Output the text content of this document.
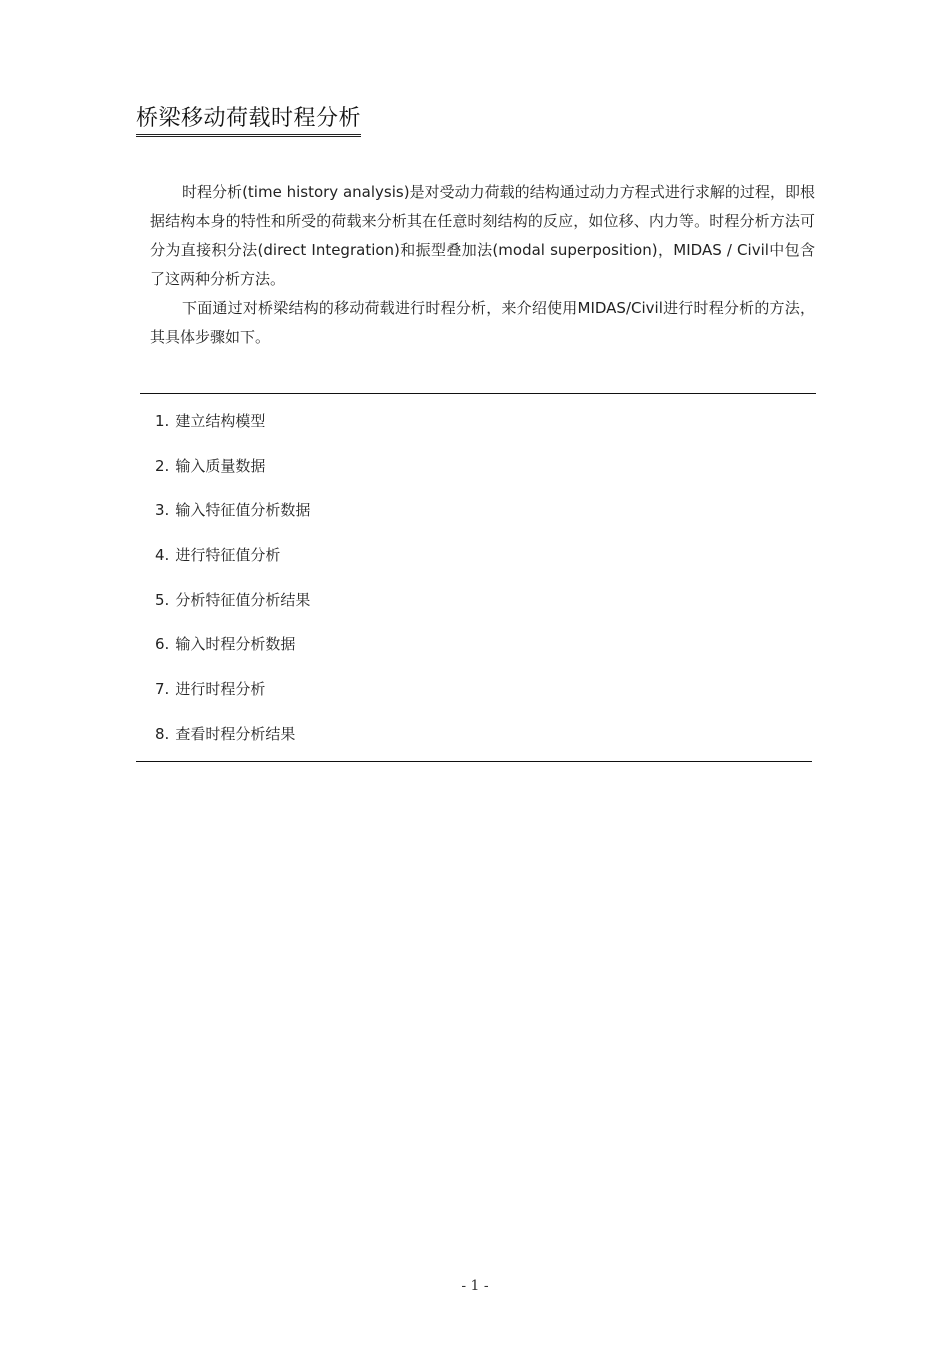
桥梁移动荷载时程分析

时程分析(time history analysis)是对受动力荷载的结构通过动力方程式进行求解的过程，即根据结构本身的特性和所受的荷载来分析其在任意时刻结构的反应，如位移、内力等。时程分析方法可分为直接积分法(direct Integration)和振型叠加法(modal superposition)，MIDAS / Civil中包含了这两种分析方法。

下面通过对桥梁结构的移动荷载进行时程分析，来介绍使用MIDAS/Civil进行时程分析的方法，其具体步骤如下。

1. 建立结构模型
2. 输入质量数据
3. 输入特征值分析数据
4. 进行特征值分析
5. 分析特征值分析结果
6. 输入时程分析数据
7. 进行时程分析
8. 查看时程分析结果
- 1 -
